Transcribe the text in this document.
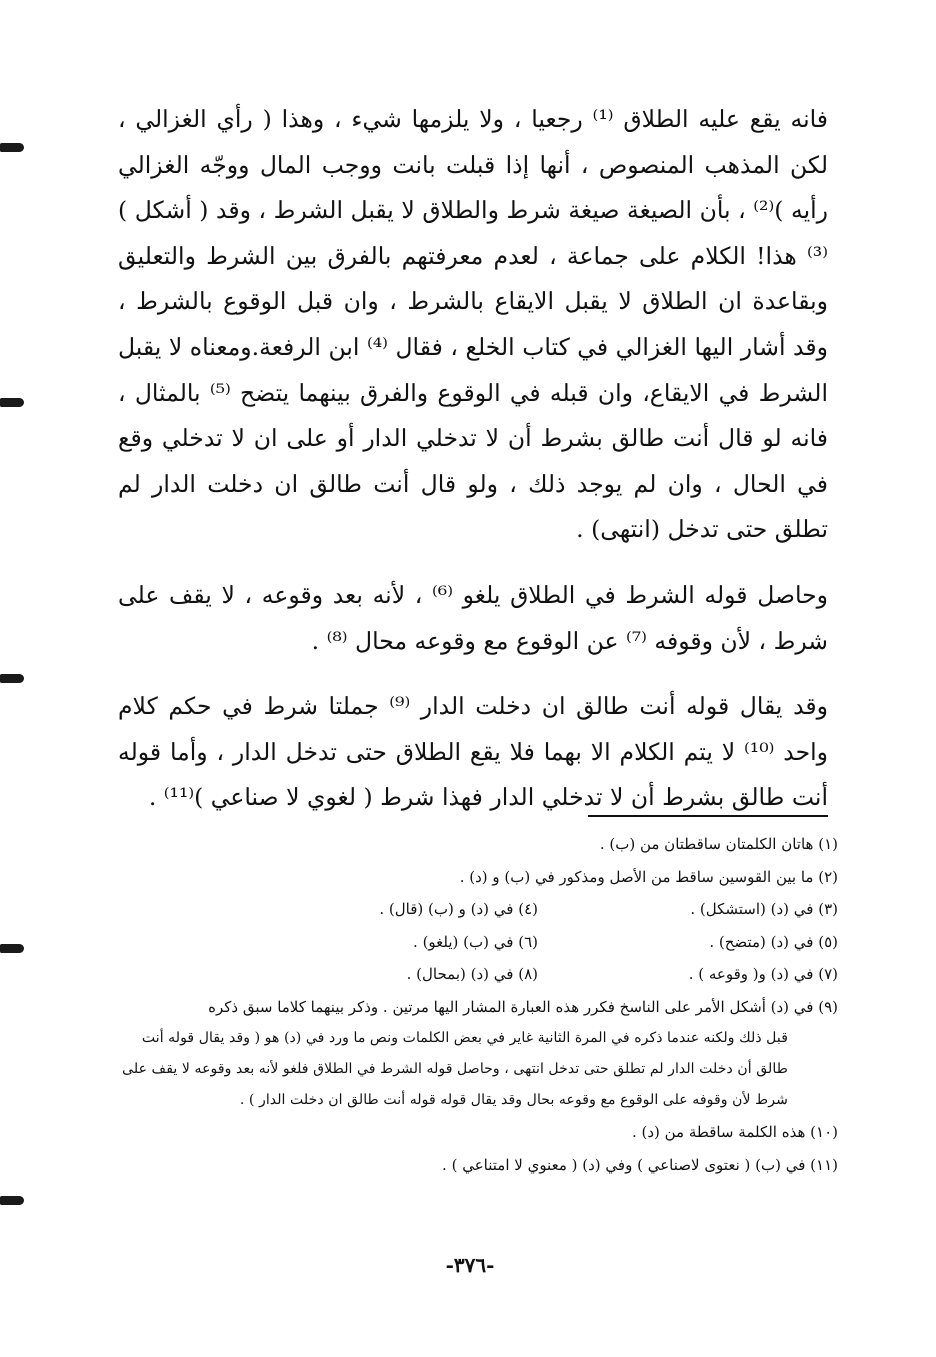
فانه يقع عليه الطلاق ⁽¹⁾ رجعيا ، ولا يلزمها شيء ، وهذا ( رأي الغزالي ، لكن المذهب المنصوص ، أنها إذا قبلت بانت ووجب المال ووجّه الغزالي رأيه )⁽²⁾ ، بأن الصيغة صيغة شرط والطلاق لا يقبل الشرط ، وقد ( أشكل )⁽³⁾ هذا! الكلام على جماعة ، لعدم معرفتهم بالفرق بين الشرط والتعليق وبقاعدة ان الطلاق لا يقبل الايقاع بالشرط ، وان قبل الوقوع بالشرط ، وقد أشار اليها الغزالي في كتاب الخلع ، فقال ⁽⁴⁾ ابن الرفعة.ومعناه لا يقبل الشرط في الايقاع، وان قبله في الوقوع والفرق بينهما يتضح ⁽⁵⁾ بالمثال ، فانه لو قال أنت طالق بشرط أن لا تدخلي الدار أو على ان لا تدخلي وقع في الحال ، وان لم يوجد ذلك ، ولو قال أنت طالق ان دخلت الدار لم تطلق حتى تدخل (انتهى) .

وحاصل قوله الشرط في الطلاق يلغو ⁽⁶⁾ ، لأنه بعد وقوعه ، لا يقف على شرط ، لأن وقوفه ⁽⁷⁾ عن الوقوع مع وقوعه محال ⁽⁸⁾ .

وقد يقال قوله أنت طالق ان دخلت الدار ⁽⁹⁾ جملتا شرط في حكم كلام واحد ⁽¹⁰⁾ لا يتم الكلام الا بهما فلا يقع الطلاق حتى تدخل الدار ، وأما قوله أنت طالق بشرط أن لا تدخلي الدار فهذا شرط ( لغوي لا صناعي )⁽¹¹⁾ .

(١) هاتان الكلمتان ساقطتان من (ب) .

(٢) ما بين القوسين ساقط من الأصل ومذكور في (ب) و (د) .

(٣) في (د) (استشكل) .

(٤) في (د) و (ب) (قال) .

(٥) في (د) (متضح) .

(٦) في (ب) (يلغو) .

(٧) في (د) و( وقوعه ) .

(٨) في (د) (بمحال) .

(٩) في (د) أشكل الأمر على الناسخ فكرر هذه العبارة المشار اليها مرتين . وذكر بينهما كلاما سبق ذكره

قبل ذلك ولكنه عندما ذكره في المرة الثانية غاير في بعض الكلمات ونص ما ورد في (د) هو ( وقد يقال قوله أنت طالق أن دخلت الدار لم تطلق حتى تدخل انتهى ، وحاصل قوله الشرط في الطلاق فلغو لأنه بعد وقوعه لا يقف على شرط لأن وقوفه على الوقوع مع وقوعه بحال وقد يقال قوله قوله أنت طالق ان دخلت الدار ) .

(١٠) هذه الكلمة ساقطة من (د) .

(١١) في (ب) ( نعتوى لاصناعي ) وفي (د) ( معنوي لا امتناعي ) .

-٣٧٦-
